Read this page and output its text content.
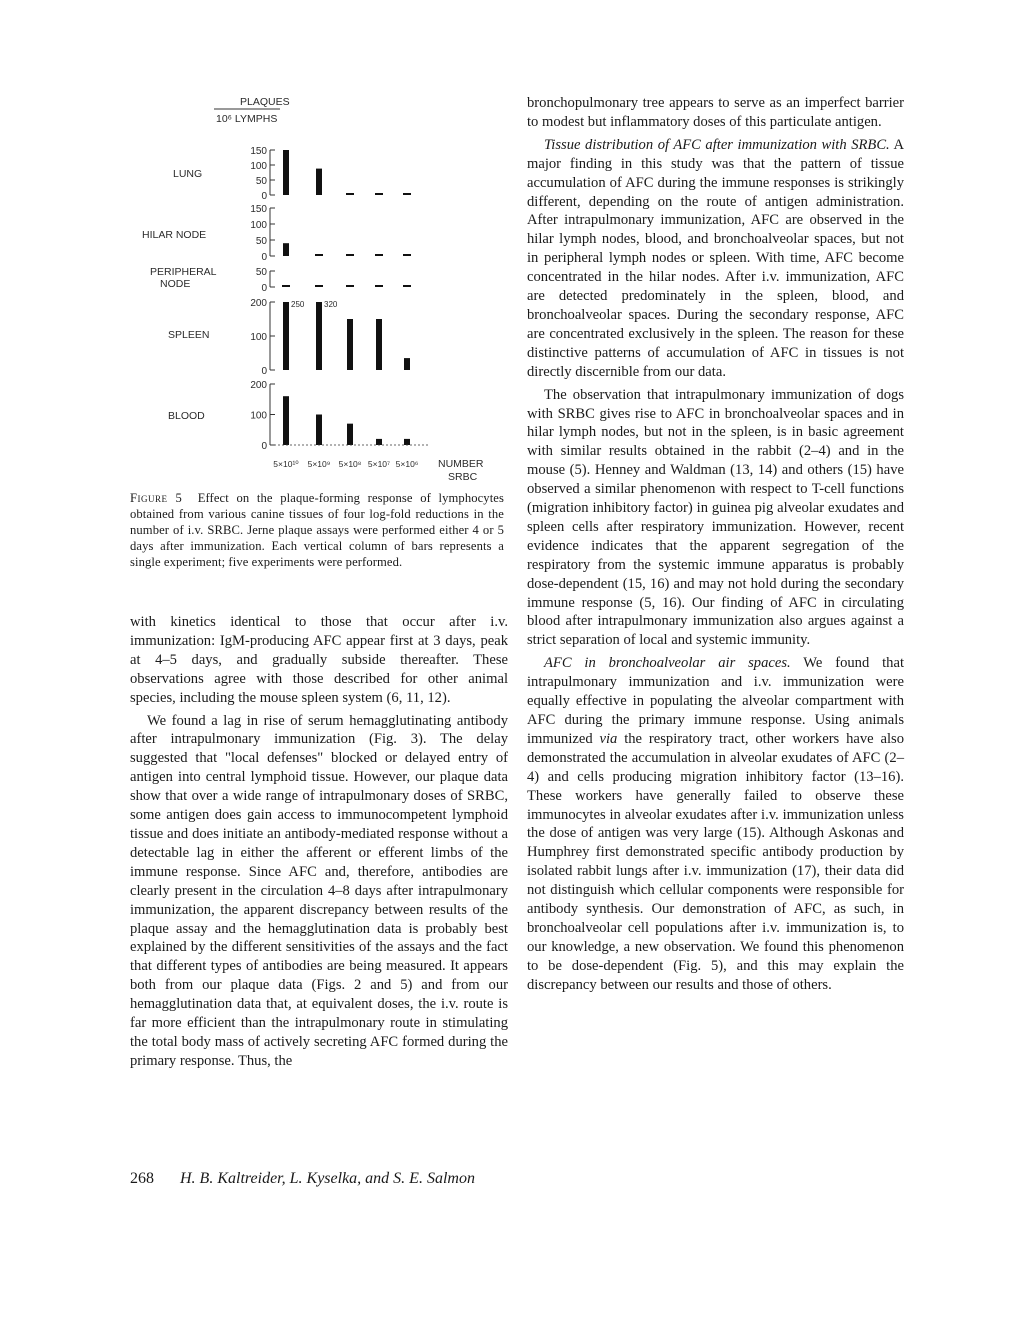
PLAQUES
10⁶ LYMPHS
LUNG
150
100
50
0
HILAR NODE
150
100
50
0
PERIPHERAL
NODE
50
0
SPLEEN
200
100
0
250 320
BLOOD
200
100
0
5×10¹⁰ 5×10⁹ 5×10⁸ 5×10⁷ 5×10⁶ NUMBER
SRBC
Figure 5 Effect on the plaque-forming response of lymphocytes obtained from various canine tissues of four log-fold reductions in the number of i.v. SRBC. Jerne plaque assays were performed either 4 or 5 days after immunization. Each vertical column of bars represents a single experiment; five experiments were performed.

with kinetics identical to those that occur after i.v. immunization: IgM-producing AFC appear first at 3 days, peak at 4–5 days, and gradually subside thereafter. These observations agree with those described for other animal species, including the mouse spleen system (6, 11, 12).

We found a lag in rise of serum hemagglutinating antibody after intrapulmonary immunization (Fig. 3). The delay suggested that "local defenses" blocked or delayed entry of antigen into central lymphoid tissue. However, our plaque data show that over a wide range of intrapulmonary doses of SRBC, some antigen does gain access to immunocompetent lymphoid tissue and does initiate an antibody-mediated response without a detectable lag in either the afferent or efferent limbs of the immune response. Since AFC and, therefore, antibodies are clearly present in the circulation 4–8 days after intrapulmonary immunization, the apparent discrepancy between results of the plaque assay and the hemagglutination data is probably best explained by the different sensitivities of the assays and the fact that different types of antibodies are being measured. It appears both from our plaque data (Figs. 2 and 5) and from our hemagglutination data that, at equivalent doses, the i.v. route is far more efficient than the intrapulmonary route in stimulating the total body mass of actively secreting AFC formed during the primary response. Thus, the

bronchopulmonary tree appears to serve as an imperfect barrier to modest but inflammatory doses of this particulate antigen.

Tissue distribution of AFC after immunization with SRBC. A major finding in this study was that the pattern of tissue accumulation of AFC during the immune responses is strikingly different, depending on the route of antigen administration. After intrapulmonary immunization, AFC are observed in the hilar lymph nodes, blood, and bronchoalveolar spaces, but not in peripheral lymph nodes or spleen. With time, AFC become concentrated in the hilar nodes. After i.v. immunization, AFC are detected predominately in the spleen, blood, and bronchoalveolar spaces. During the secondary response, AFC are concentrated exclusively in the spleen. The reason for these distinctive patterns of accumulation of AFC in tissues is not directly discernible from our data.

The observation that intrapulmonary immunization of dogs with SRBC gives rise to AFC in bronchoalveolar spaces and in hilar lymph nodes, but not in the spleen, is in basic agreement with similar results obtained in the rabbit (2–4) and in the mouse (5). Henney and Waldman (13, 14) and others (15) have observed a similar phenomenon with respect to T-cell functions (migration inhibitory factor) in guinea pig alveolar exudates and spleen cells after respiratory immunization. However, recent evidence indicates that the apparent segregation of the respiratory from the systemic immune apparatus is probably dose-dependent (15, 16) and may not hold during the secondary immune response (5, 16). Our finding of AFC in circulating blood after intrapulmonary immunization also argues against a strict separation of local and systemic immunity.

AFC in bronchoalveolar air spaces. We found that intrapulmonary immunization and i.v. immunization were equally effective in populating the alveolar compartment with AFC during the primary immune response. Using animals immunized via the respiratory tract, other workers have also demonstrated the accumulation in alveolar exudates of AFC (2–4) and cells producing migration inhibitory factor (13–16). These workers have generally failed to observe these immunocytes in alveolar exudates after i.v. immunization unless the dose of antigen was very large (15). Although Askonas and Humphrey first demonstrated specific antibody production by isolated rabbit lungs after i.v. immunization (17), their data did not distinguish which cellular components were responsible for antibody synthesis. Our demonstration of AFC, as such, in bronchoalveolar cell populations after i.v. immunization is, to our knowledge, a new observation. We found this phenomenon to be dose-dependent (Fig. 5), and this may explain the discrepancy between our results and those of others.

268 H. B. Kaltreider, L. Kyselka, and S. E. Salmon
